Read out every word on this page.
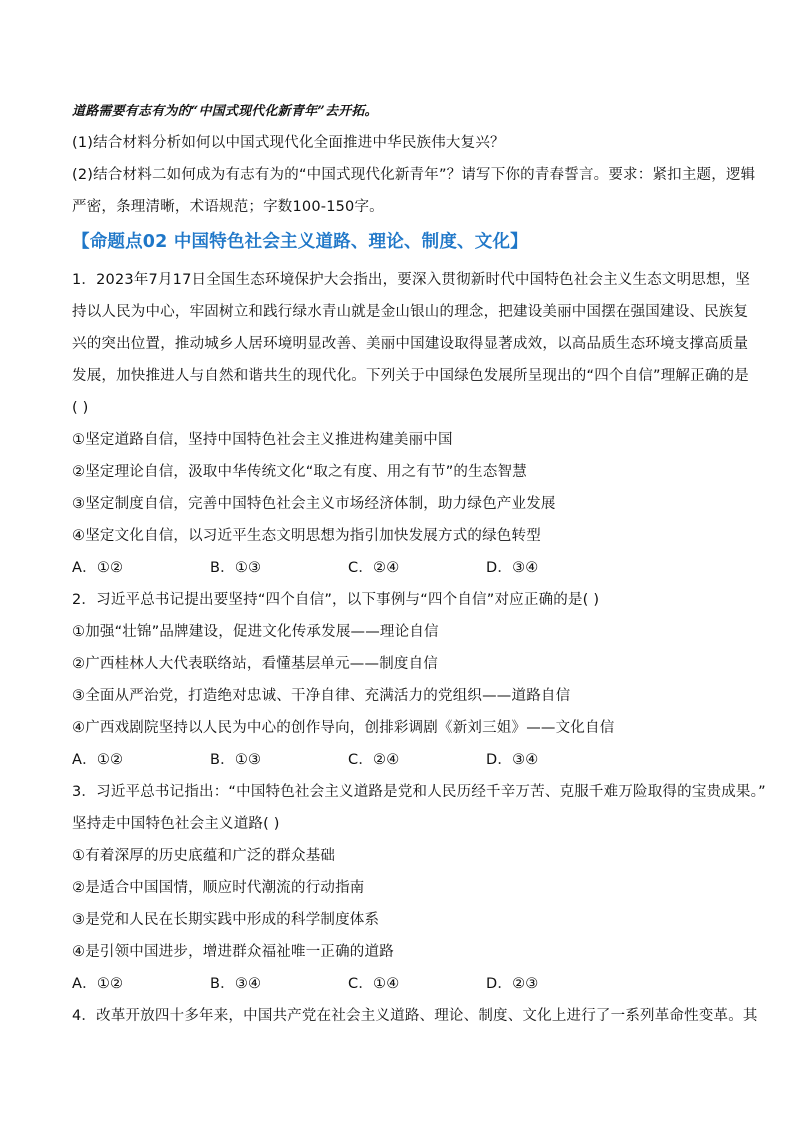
道路需要有志有为的“中国式现代化新青年”去开拓。
(1)结合材料分析如何以中国式现代化全面推进中华民族伟大复兴？
(2)结合材料二如何成为有志有为的“中国式现代化新青年”？请写下你的青春誓言。要求：紧扣主题，逻辑
严密，条理清晰，术语规范；字数100-150字。
【命题点02 中国特色社会主义道路、理论、制度、文化】
1．2023年7月17日全国生态环境保护大会指出，要深入贯彻新时代中国特色社会主义生态文明思想，坚
持以人民为中心，牢固树立和践行绿水青山就是金山银山的理念，把建设美丽中国摆在强国建设、民族复
兴的突出位置，推动城乡人居环境明显改善、美丽中国建设取得显著成效，以高品质生态环境支撑高质量
发展，加快推进人与自然和谐共生的现代化。下列关于中国绿色发展所呈现出的“四个自信”理解正确的是
( )
①坚定道路自信，坚持中国特色社会主义推进构建美丽中国
②坚定理论自信，汲取中华传统文化“取之有度、用之有节”的生态智慧
③坚定制度自信，完善中国特色社会主义市场经济体制，助力绿色产业发展
④坚定文化自信，以习近平生态文明思想为指引加快发展方式的绿色转型
A．①②	B．①③	C．②④	D．③④
2．习近平总书记提出要坚持“四个自信”，以下事例与“四个自信”对应正确的是( )
①加强“壮锦”品牌建设，促进文化传承发展——理论自信
②广西桂林人大代表联络站，看懂基层单元——制度自信
③全面从严治党，打造绝对忠诚、干净自律、充满活力的党组织——道路自信
④广西戏剧院坚持以人民为中心的创作导向，创排彩调剧《新刘三姐》——文化自信
A．①②	B．①③	C．②④	D．③④
3．习近平总书记指出：“中国特色社会主义道路是党和人民历经千辛万苦、克服千难万险取得的宝贵成果。”
坚持走中国特色社会主义道路( )
①有着深厚的历史底蕴和广泛的群众基础
②是适合中国国情，顺应时代潮流的行动指南
③是党和人民在长期实践中形成的科学制度体系
④是引领中国进步，增进群众福祉唯一正确的道路
A．①②	B．③④	C．①④	D．②③
4．改革开放四十多年来，中国共产党在社会主义道路、理论、制度、文化上进行了一系列革命性变革。其
